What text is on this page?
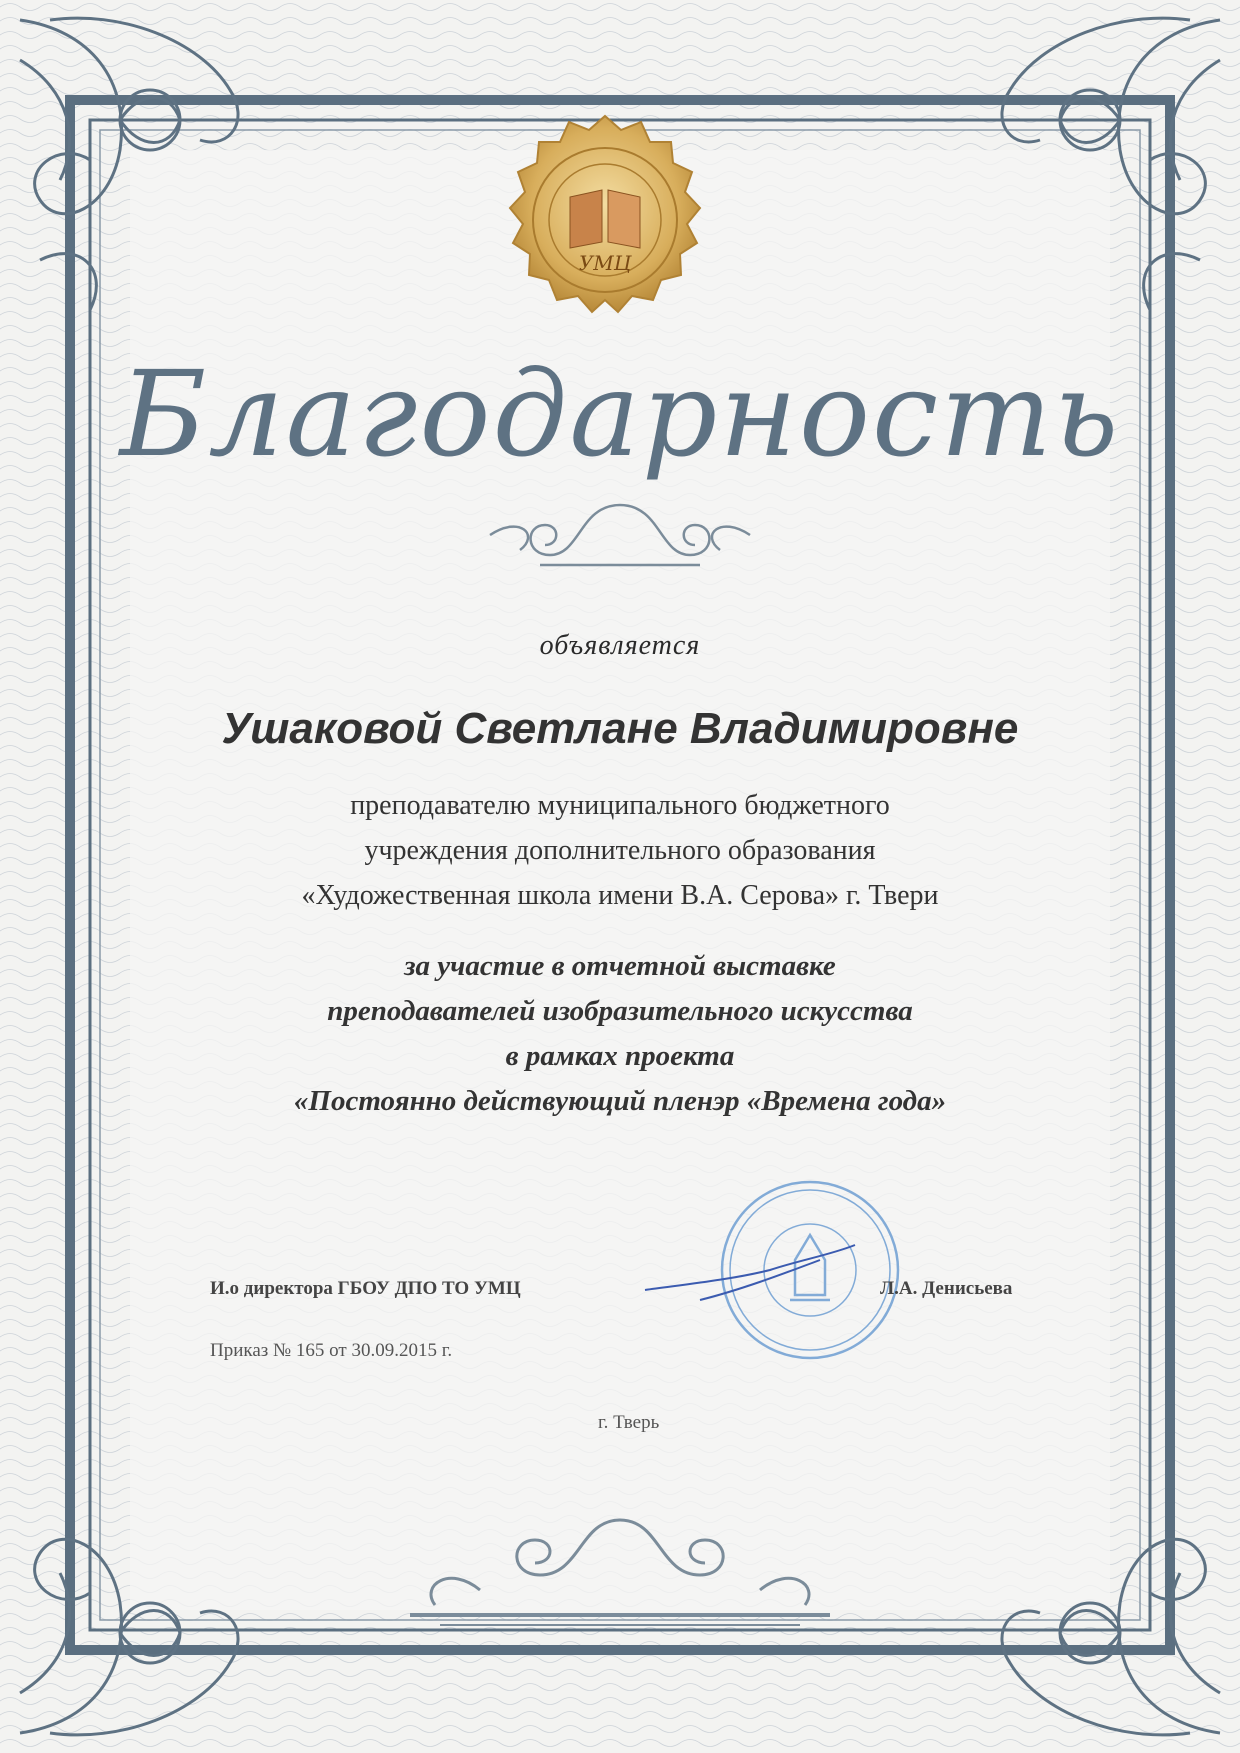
УМЦ
Благодарность
объявляется
Ушаковой Светлане Владимировне
преподавателю муниципального бюджетного
учреждения дополнительного образования
«Художественная школа имени В.А. Серова» г. Твери
за участие в отчетной выставке
преподавателей изобразительного искусства
в рамках проекта
«Постоянно действующий пленэр «Времена года»
И.о директора ГБОУ ДПО ТО УМЦ	Л.А. Денисьева
Приказ № 165 от 30.09.2015 г.
г. Тверь
